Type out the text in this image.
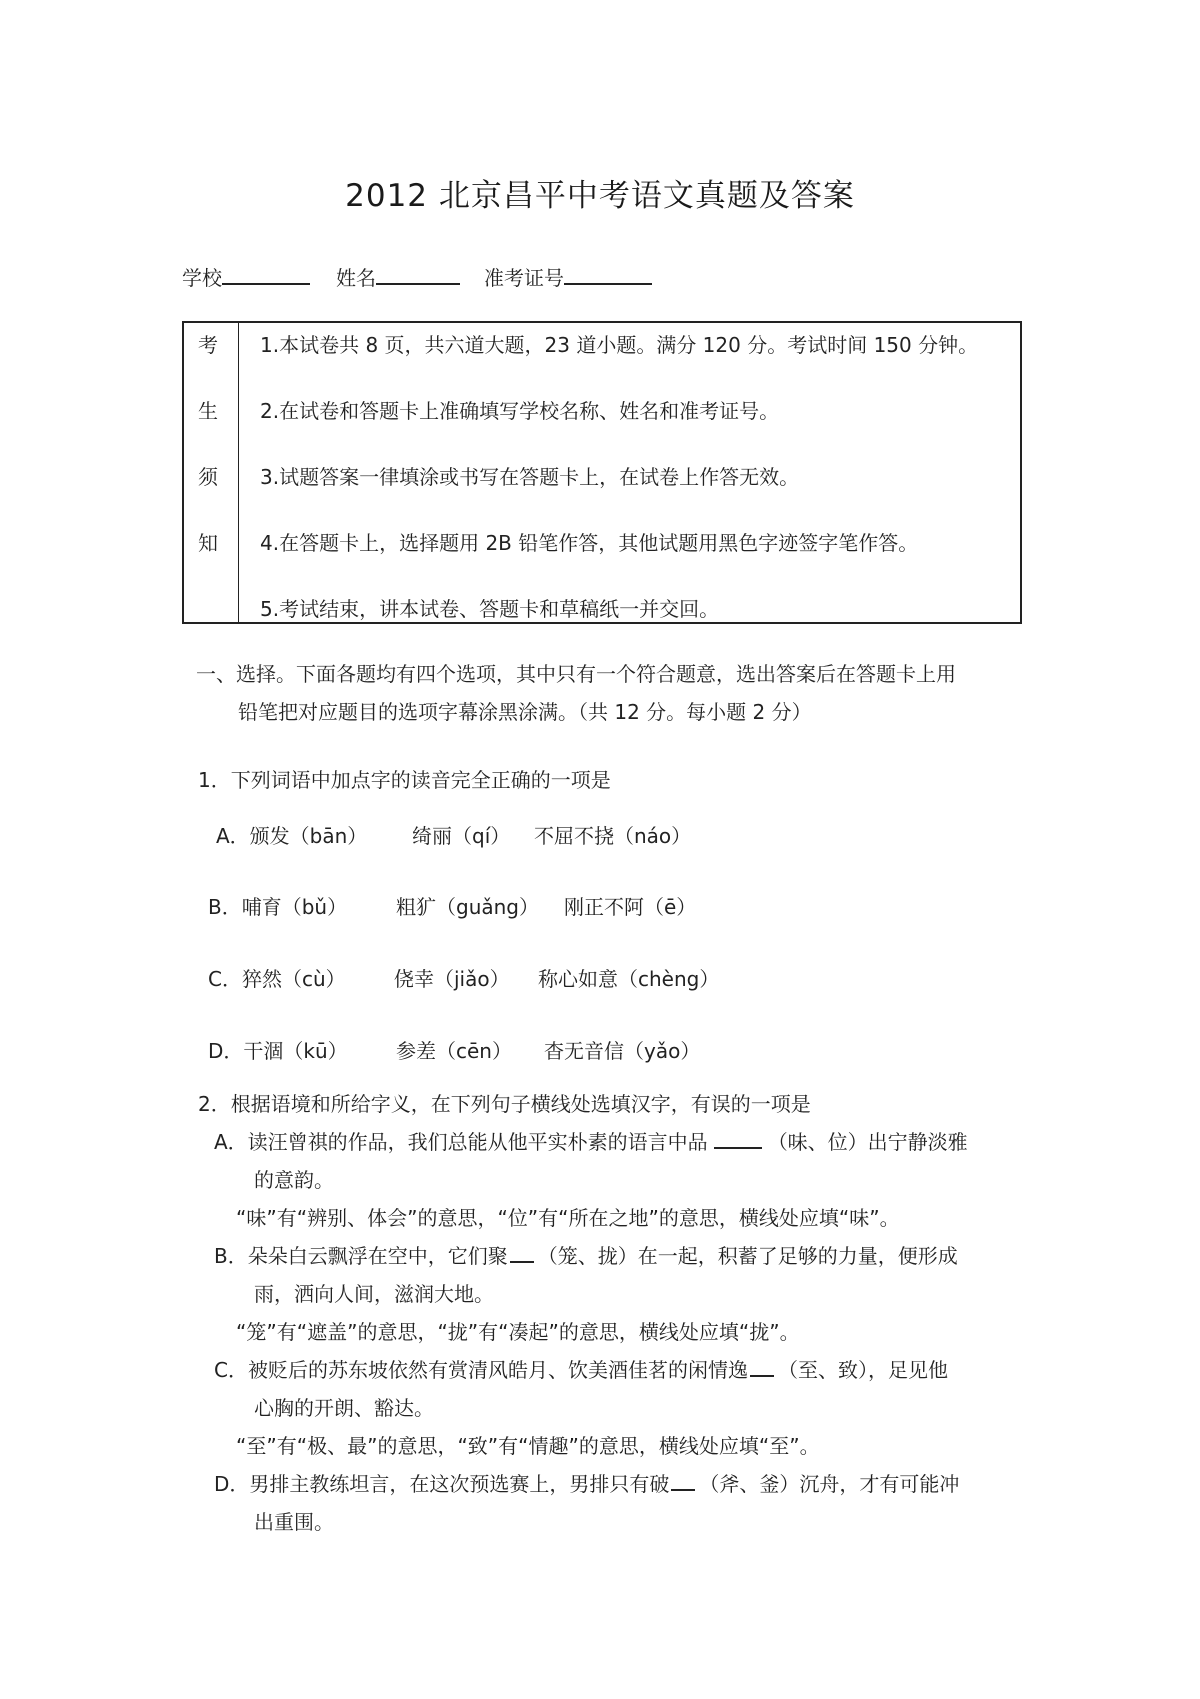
2012 北京昌平中考语文真题及答案
学校	姓名	准考证号
考
生
须
知
1.本试卷共 8 页，共六道大题，23 道小题。满分 120 分。考试时间 150 分钟。
2.在试卷和答题卡上准确填写学校名称、姓名和准考证号。
3.试题答案一律填涂或书写在答题卡上，在试卷上作答无效。
4.在答题卡上，选择题用 2B 铅笔作答，其他试题用黑色字迹签字笔作答。
5.考试结束，讲本试卷、答题卡和草稿纸一并交回。
一、选择。下面各题均有四个选项，其中只有一个符合题意，选出答案后在答题卡上用
铅笔把对应题目的选项字幕涂黑涂满。（共 12 分。每小题 2 分）
1．下列词语中加点字的读音完全正确的一项是
A．颁发（bān） 绮丽（qí） 不屈不挠（náo）
B．哺育（bǔ） 粗犷（guǎng） 刚正不阿（ē）
C．猝然（cù） 侥幸（jiǎo） 称心如意（chèng）
D．干涸（kū） 参差（cēn） 杳无音信（yǎo）
2．根据语境和所给字义，在下列句子横线处选填汉字，有误的一项是
A．读汪曾祺的作品，我们总能从他平实朴素的语言中品	（味、位）出宁静淡雅
的意韵。
“味”有“辨别、体会”的意思，“位”有“所在之地”的意思，横线处应填“味”。
B．朵朵白云飘浮在空中，它们聚 （笼、拢）在一起，积蓄了足够的力量，便形成
雨，洒向人间，滋润大地。
“笼”有“遮盖”的意思，“拢”有“凑起”的意思，横线处应填“拢”。
C．被贬后的苏东坡依然有赏清风皓月、饮美酒佳茗的闲情逸 （至、致），足见他
心胸的开朗、豁达。
“至”有“极、最”的意思，“致”有“情趣”的意思，横线处应填“至”。
D．男排主教练坦言，在这次预选赛上，男排只有破 （斧、釜）沉舟，才有可能冲
出重围。
